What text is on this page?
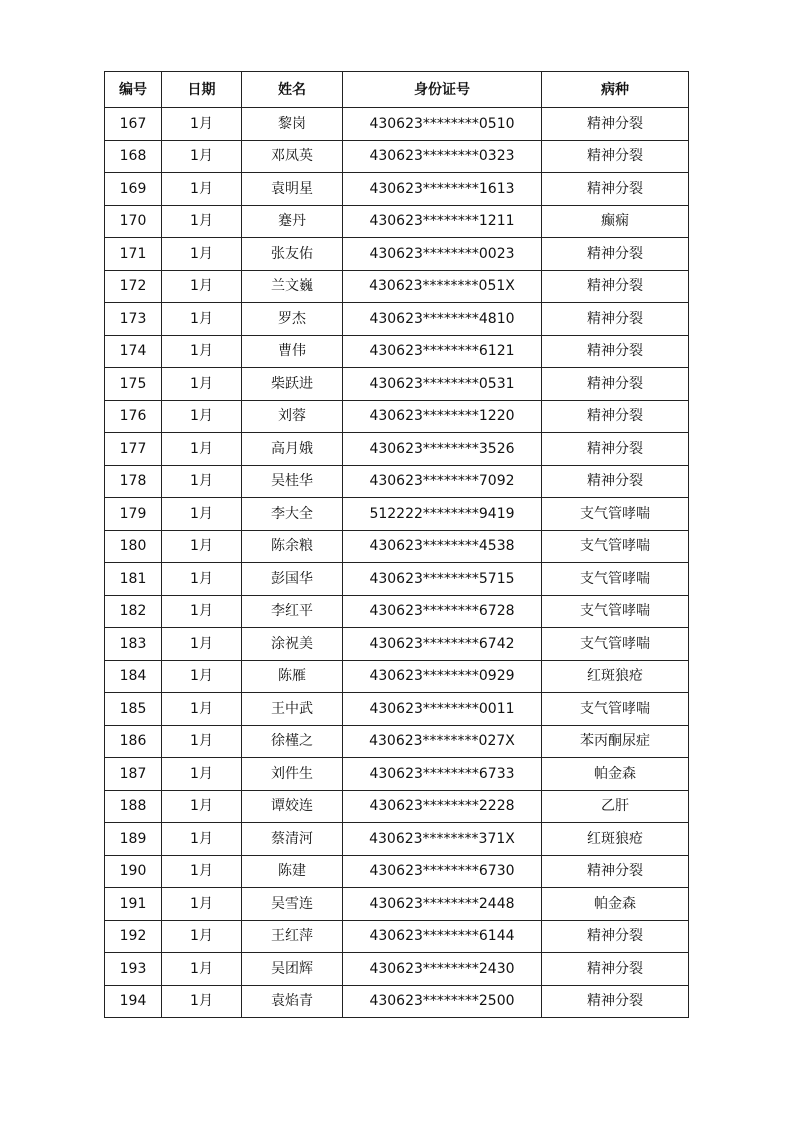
编号	日期	姓名	身份证号	病种
167	1月	黎岗	430623********0510	精神分裂
168	1月	邓凤英	430623********0323	精神分裂
169	1月	袁明星	430623********1613	精神分裂
170	1月	蹇丹	430623********1211	癫痫
171	1月	张友佑	430623********0023	精神分裂
172	1月	兰文巍	430623********051X	精神分裂
173	1月	罗杰	430623********4810	精神分裂
174	1月	曹伟	430623********6121	精神分裂
175	1月	柴跃进	430623********0531	精神分裂
176	1月	刘蓉	430623********1220	精神分裂
177	1月	高月娥	430623********3526	精神分裂
178	1月	吴桂华	430623********7092	精神分裂
179	1月	李大全	512222********9419	支气管哮喘
180	1月	陈余粮	430623********4538	支气管哮喘
181	1月	彭国华	430623********5715	支气管哮喘
182	1月	李红平	430623********6728	支气管哮喘
183	1月	涂祝美	430623********6742	支气管哮喘
184	1月	陈雁	430623********0929	红斑狼疮
185	1月	王中武	430623********0011	支气管哮喘
186	1月	徐槿之	430623********027X	苯丙酮尿症
187	1月	刘件生	430623********6733	帕金森
188	1月	谭姣连	430623********2228	乙肝
189	1月	蔡清河	430623********371X	红斑狼疮
190	1月	陈建	430623********6730	精神分裂
191	1月	吴雪连	430623********2448	帕金森
192	1月	王红萍	430623********6144	精神分裂
193	1月	吴团辉	430623********2430	精神分裂
194	1月	袁焰青	430623********2500	精神分裂
